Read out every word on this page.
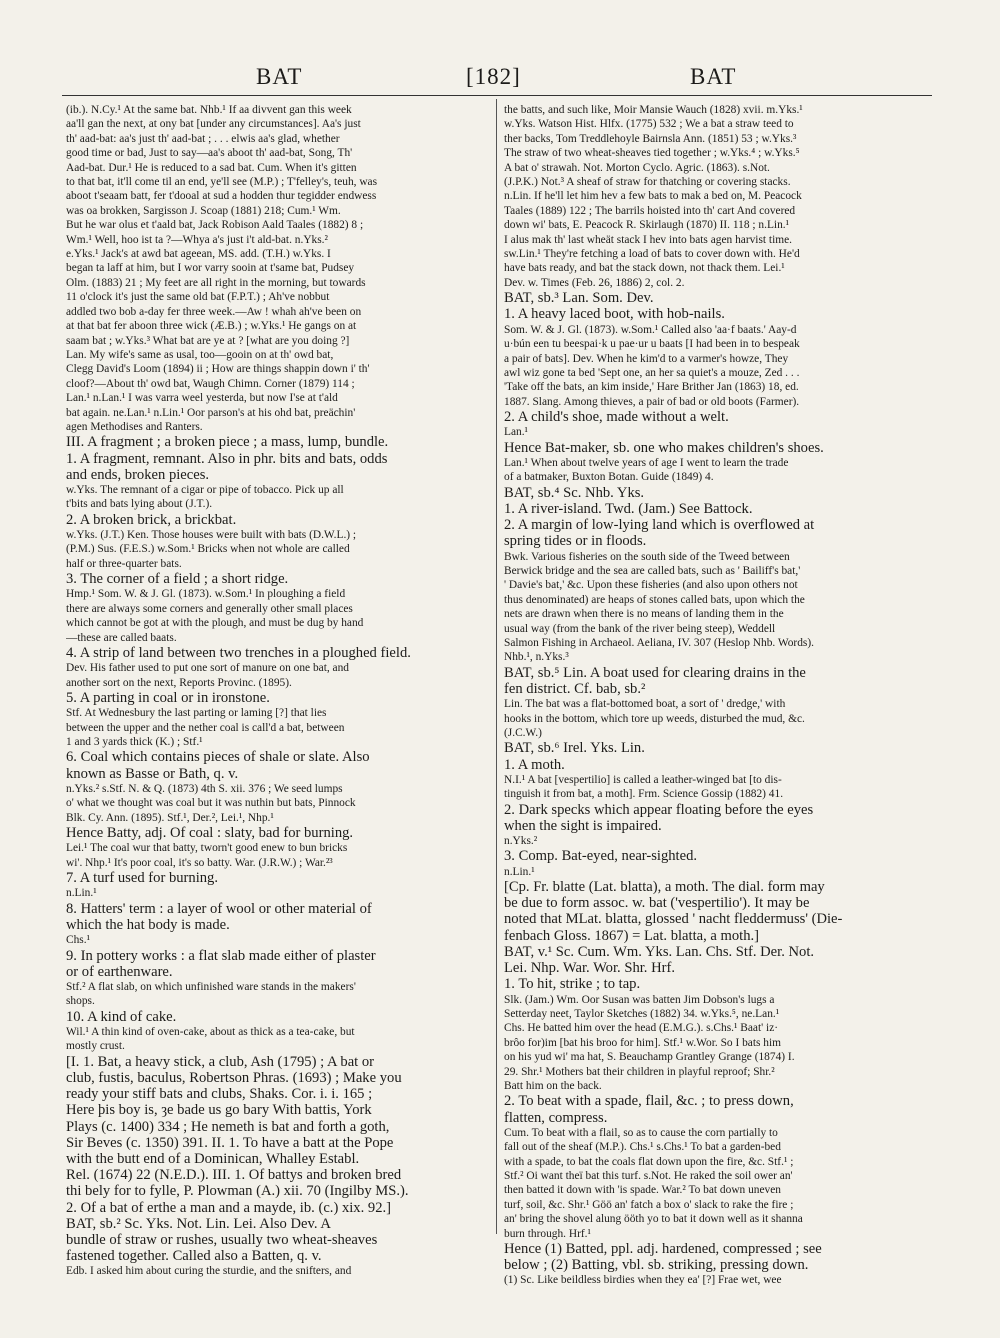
BAT	[182]	BAT

(ib.). N.Cy.¹ At the same bat. Nhb.¹ If aa divvent gan this week

aa'll gan the next, at ony bat [under any circumstances]. Aa's just

th' aad-bat: aa's just th' aad-bat ; . . . elwis aa's glad, whether

good time or bad, Just to say—aa's aboot th' aad-bat, Song, Th'

Aad-bat. Dur.¹ He is reduced to a sad bat. Cum. When it's gitten

to that bat, it'll come til an end, ye'll see (M.P.) ; T'felley's, teuh, was

aboot t'seaam batt, fer t'dooal at sud a hodden thur tegidder endwess

was oa brokken, Sargisson J. Scoap (1881) 218; Cum.¹ Wm.

But he war olus et t'aald bat, Jack Robison Aald Taales (1882) 8 ;

Wm.¹ Well, hoo ist ta ?—Whya a's just i't ald-bat. n.Yks.²

e.Yks.¹ Jack's at awd bat ageean, MS. add. (T.H.) w.Yks. I

began ta laff at him, but I wor varry sooin at t'same bat, Pudsey

Olm. (1883) 21 ; My feet are all right in the morning, but towards

11 o'clock it's just the same old bat (F.P.T.) ; Ah've nobbut

addled two bob a-day fer three week.—Aw ! whah ah've been on

at that bat fer aboon three wick (Æ.B.) ; w.Yks.¹ He gangs on at

saam bat ; w.Yks.³ What bat are ye at ? [what are you doing ?]

Lan. My wife's same as usal, too—gooin on at th' owd bat,

Clegg David's Loom (1894) ii ; How are things shappin down i' th'

cloof?—About th' owd bat, Waugh Chimn. Corner (1879) 114 ;

Lan.¹ n.Lan.¹ I was varra weel yesterda, but now I'se at t'ald

bat again. ne.Lan.¹ n.Lin.¹ Oor parson's at his ohd bat, preächin'

agen Methodises and Ranters.

III. A fragment ; a broken piece ; a mass, lump, bundle.

1. A fragment, remnant. Also in phr. bits and bats, odds

and ends, broken pieces.

w.Yks. The remnant of a cigar or pipe of tobacco. Pick up all

t'bits and bats lying about (J.T.).

2. A broken brick, a brickbat.

w.Yks. (J.T.) Ken. Those houses were built with bats (D.W.L.) ;

(P.M.) Sus. (F.E.S.) w.Som.¹ Bricks when not whole are called

half or three-quarter bats.

3. The corner of a field ; a short ridge.

Hmp.¹ Som. W. & J. Gl. (1873). w.Som.¹ In ploughing a field

there are always some corners and generally other small places

which cannot be got at with the plough, and must be dug by hand

—these are called baats.

4. A strip of land between two trenches in a ploughed field.

Dev. His father used to put one sort of manure on one bat, and

another sort on the next, Reports Provinc. (1895).

5. A parting in coal or in ironstone.

Stf. At Wednesbury the last parting or laming [?] that lies

between the upper and the nether coal is call'd a bat, between

1 and 3 yards thick (K.) ; Stf.¹

6. Coal which contains pieces of shale or slate. Also

known as Basse or Bath, q. v.

n.Yks.² s.Stf. N. & Q. (1873) 4th S. xii. 376 ; We seed lumps

o' what we thought was coal but it was nuthin but bats, Pinnock

Blk. Cy. Ann. (1895). Stf.¹, Der.², Lei.¹, Nhp.¹

Hence Batty, adj. Of coal : slaty, bad for burning.

Lei.¹ The coal wur that batty, tworn't good enew to bun bricks

wi'. Nhp.¹ It's poor coal, it's so batty. War. (J.R.W.) ; War.²³

7. A turf used for burning.

n.Lin.¹

8. Hatters' term : a layer of wool or other material of

which the hat body is made.

Chs.¹

9. In pottery works : a flat slab made either of plaster

or of earthenware.

Stf.² A flat slab, on which unfinished ware stands in the makers'

shops.

10. A kind of cake.

Wil.¹ A thin kind of oven-cake, about as thick as a tea-cake, but

mostly crust.

[I. 1. Bat, a heavy stick, a club, Ash (1795) ; A bat or

club, fustis, baculus, Robertson Phras. (1693) ; Make you

ready your stiff bats and clubs, Shaks. Cor. i. i. 165 ;

Here þis boy is, ȝe bade us go bary With battis, York

Plays (c. 1400) 334 ; He nemeth is bat and forth a goth,

Sir Beves (c. 1350) 391. II. 1. To have a batt at the Pope

with the butt end of a Dominican, Whalley Establ.

Rel. (1674) 22 (N.E.D.). III. 1. Of battys and broken bred

thi bely for to fylle, P. Plowman (A.) xii. 70 (Ingilby MS.).

2. Of a bat of erthe a man and a mayde, ib. (c.) xix. 92.]

BAT, sb.² Sc. Yks. Not. Lin. Lei. Also Dev. A

bundle of straw or rushes, usually two wheat-sheaves

fastened together. Called also a Batten, q. v.

Edb. I asked him about curing the sturdie, and the snifters, and

the batts, and such like, Moir Mansie Wauch (1828) xvii. m.Yks.¹

w.Yks. Watson Hist. Hlfx. (1775) 532 ; We a bat a straw teed to

ther backs, Tom Treddlehoyle Bairnsla Ann. (1851) 53 ; w.Yks.³

The straw of two wheat-sheaves tied together ; w.Yks.⁴ ; w.Yks.⁵

A bat o' strawah. Not. Morton Cyclo. Agric. (1863). s.Not.

(J.P.K.) Not.³ A sheaf of straw for thatching or covering stacks.

n.Lin. If he'll let him hev a few bats to mak a bed on, M. Peacock

Taales (1889) 122 ; The barrils hoisted into th' cart And covered

down wi' bats, E. Peacock R. Skirlaugh (1870) II. 118 ; n.Lin.¹

I alus mak th' last wheät stack I hev into bats agen harvist time.

sw.Lin.¹ They're fetching a load of bats to cover down with. He'd

have bats ready, and bat the stack down, not thack them. Lei.¹

Dev. w. Times (Feb. 26, 1886) 2, col. 2.

BAT, sb.³ Lan. Som. Dev.

1. A heavy laced boot, with hob-nails.

Som. W. & J. Gl. (1873). w.Som.¹ Called also 'aa·f baats.' Aay-d

u·bún een tu beespai·k u pae·ur u baats [I had been in to bespeak

a pair of bats]. Dev. When he kim'd to a varmer's howze, They

awl wiz gone ta bed 'Sept one, an her sa quiet's a mouze, Zed . . .

'Take off the bats, an kim inside,' Hare Brither Jan (1863) 18, ed.

1887. Slang. Among thieves, a pair of bad or old boots (Farmer).

2. A child's shoe, made without a welt.

Lan.¹

Hence Bat-maker, sb. one who makes children's shoes.

Lan.¹ When about twelve years of age I went to learn the trade

of a batmaker, Buxton Botan. Guide (1849) 4.

BAT, sb.⁴ Sc. Nhb. Yks.

1. A river-island. Twd. (Jam.) See Battock.

2. A margin of low-lying land which is overflowed at

spring tides or in floods.

Bwk. Various fisheries on the south side of the Tweed between

Berwick bridge and the sea are called bats, such as ' Bailiff's bat,'

' Davie's bat,' &c. Upon these fisheries (and also upon others not

thus denominated) are heaps of stones called bats, upon which the

nets are drawn when there is no means of landing them in the

usual way (from the bank of the river being steep), Weddell

Salmon Fishing in Archaeol. Aeliana, IV. 307 (Heslop Nhb. Words).

Nhb.¹, n.Yks.³

BAT, sb.⁵ Lin. A boat used for clearing drains in the

fen district. Cf. bab, sb.²

Lin. The bat was a flat-bottomed boat, a sort of ' dredge,' with

hooks in the bottom, which tore up weeds, disturbed the mud, &c.

(J.C.W.)

BAT, sb.⁶ Irel. Yks. Lin.

1. A moth.

N.I.¹ A bat [vespertilio] is called a leather-winged bat [to dis-

tinguish it from bat, a moth]. Frm. Science Gossip (1882) 41.

2. Dark specks which appear floating before the eyes

when the sight is impaired.

n.Yks.²

3. Comp. Bat-eyed, near-sighted.

n.Lin.¹

[Cp. Fr. blatte (Lat. blatta), a moth. The dial. form may

be due to form assoc. w. bat ('vespertilio'). It may be

noted that MLat. blatta, glossed ' nacht fleddermuss' (Die-

fenbach Gloss. 1867) = Lat. blatta, a moth.]

BAT, v.¹ Sc. Cum. Wm. Yks. Lan. Chs. Stf. Der. Not.

Lei. Nhp. War. Wor. Shr. Hrf.

1. To hit, strike ; to tap.

Slk. (Jam.) Wm. Oor Susan was batten Jim Dobson's lugs a

Setterday neet, Taylor Sketches (1882) 34. w.Yks.⁵, ne.Lan.¹

Chs. He batted him over the head (E.M.G.). s.Chs.¹ Baat' iz·

brôo for)im [bat his broo for him]. Stf.¹ w.Wor. So I bats him

on his yud wi' ma hat, S. Beauchamp Grantley Grange (1874) I.

29. Shr.¹ Mothers bat their children in playful reproof; Shr.²

Batt him on the back.

2. To beat with a spade, flail, &c. ; to press down,

flatten, compress.

Cum. To beat with a flail, so as to cause the corn partially to

fall out of the sheaf (M.P.). Chs.¹ s.Chs.¹ To bat a garden-bed

with a spade, to bat the coals flat down upon the fire, &c. Stf.¹ ;

Stf.² Oi want theï bat this turf. s.Not. He raked the soil ower an'

then batted it down with 'is spade. War.² To bat down uneven

turf, soil, &c. Shr.¹ Göö an' fatch a box o' slack to rake the fire ;

an' bring the shovel alung ööth yo to bat it down well as it shanna

burn through. Hrf.¹

Hence (1) Batted, ppl. adj. hardened, compressed ; see

below ; (2) Batting, vbl. sb. striking, pressing down.

(1) Sc. Like beildless birdies when they ea' [?] Frae wet, wee
